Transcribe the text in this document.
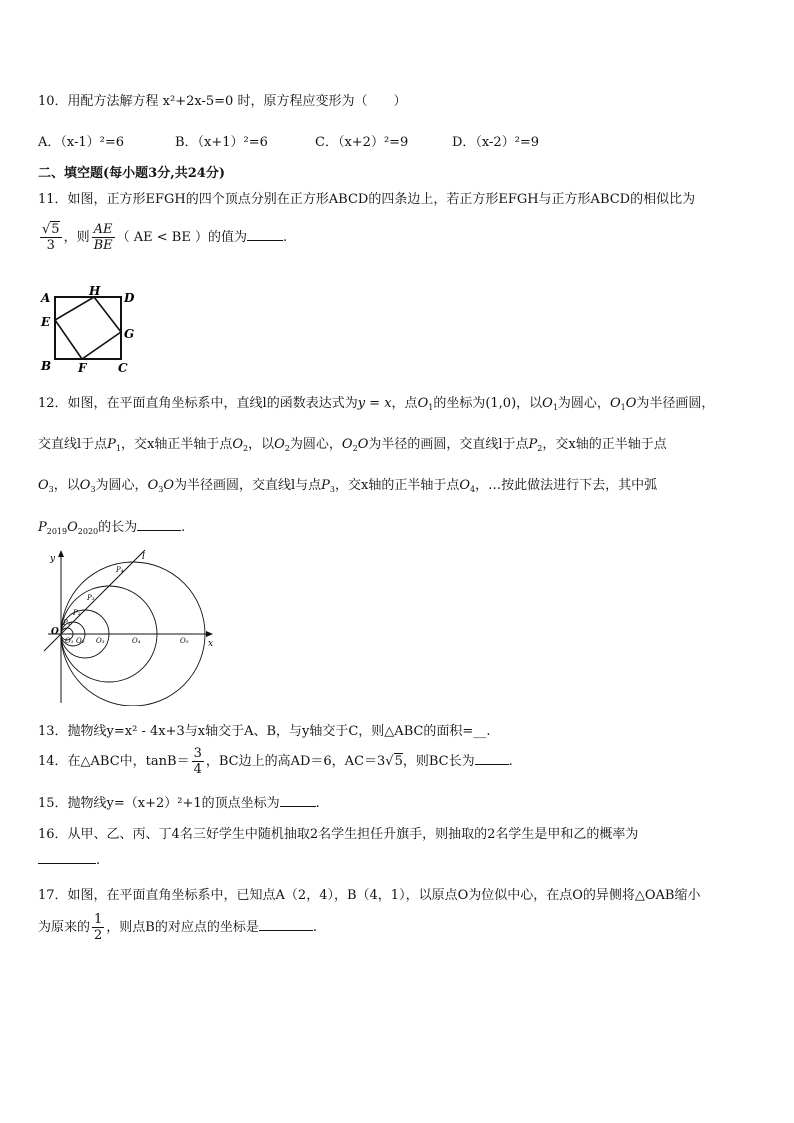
10．用配方法解方程 x²+2x-5=0 时，原方程应变形为（　　）
A．（x-1）²=6	B．（x+1）²=6	C．（x+2）²=9	D．（x-2）²=9
二、填空题(每小题3分,共24分)
11．如图，正方形EFGH的四个顶点分别在正方形ABCD的四条边上，若正方形EFGH与正方形ABCD的相似比为
$\frac{√5}{3}$ ，则 $\frac{AE}{BE}$ （ AE < BE ）的值为	.
A	H D
E
G
B F	C
12．如图，在平面直角坐标系中，直线l的函数表达式为y = x，点$O_1$的坐标为(1,0)，以$O_1$为圆心，$O_1O$为半径画圆，
交直线l于点$P_1$，交x轴正半轴于点$O_2$，以$O_2$为圆心，$O_2O$为半径的画圆，交直线l于点$P_2$，交x轴的正半轴于点
$O_3$，以$O_3$为圆心，$O_3O$为半径画圆，交直线l与点$P_3$，交x轴的正半轴于点$O_4$，…按此做法进行下去，其中弧
$P_{2019}O_{2020}$的长为	.
y	l
P₄
P₃
P₂
P₁
O
O₁ O₂ O₃	O₄	O₅ x
13．抛物线y=x² - 4x+3与x轴交于A、B，与y轴交于C，则△ABC的面积=__.
14．在△ABC中，$\tan B= \frac{3}{4}$ ，BC边上的高AD＝6，AC＝3√5，则BC长为	.
15．抛物线y=（x+2）²+1的顶点坐标为	.
16．从甲、乙、丙、丁4名三好学生中随机抽取2名学生担任升旗手，则抽取的2名学生是甲和乙的概率为
.
17．如图，在平面直角坐标系中，已知点A（2，4），B（4，1），以原点O为位似中心，在点O的异侧将△OAB缩小
为原来的 $\frac{1}{2}$ ，则点B的对应点的坐标是	.
